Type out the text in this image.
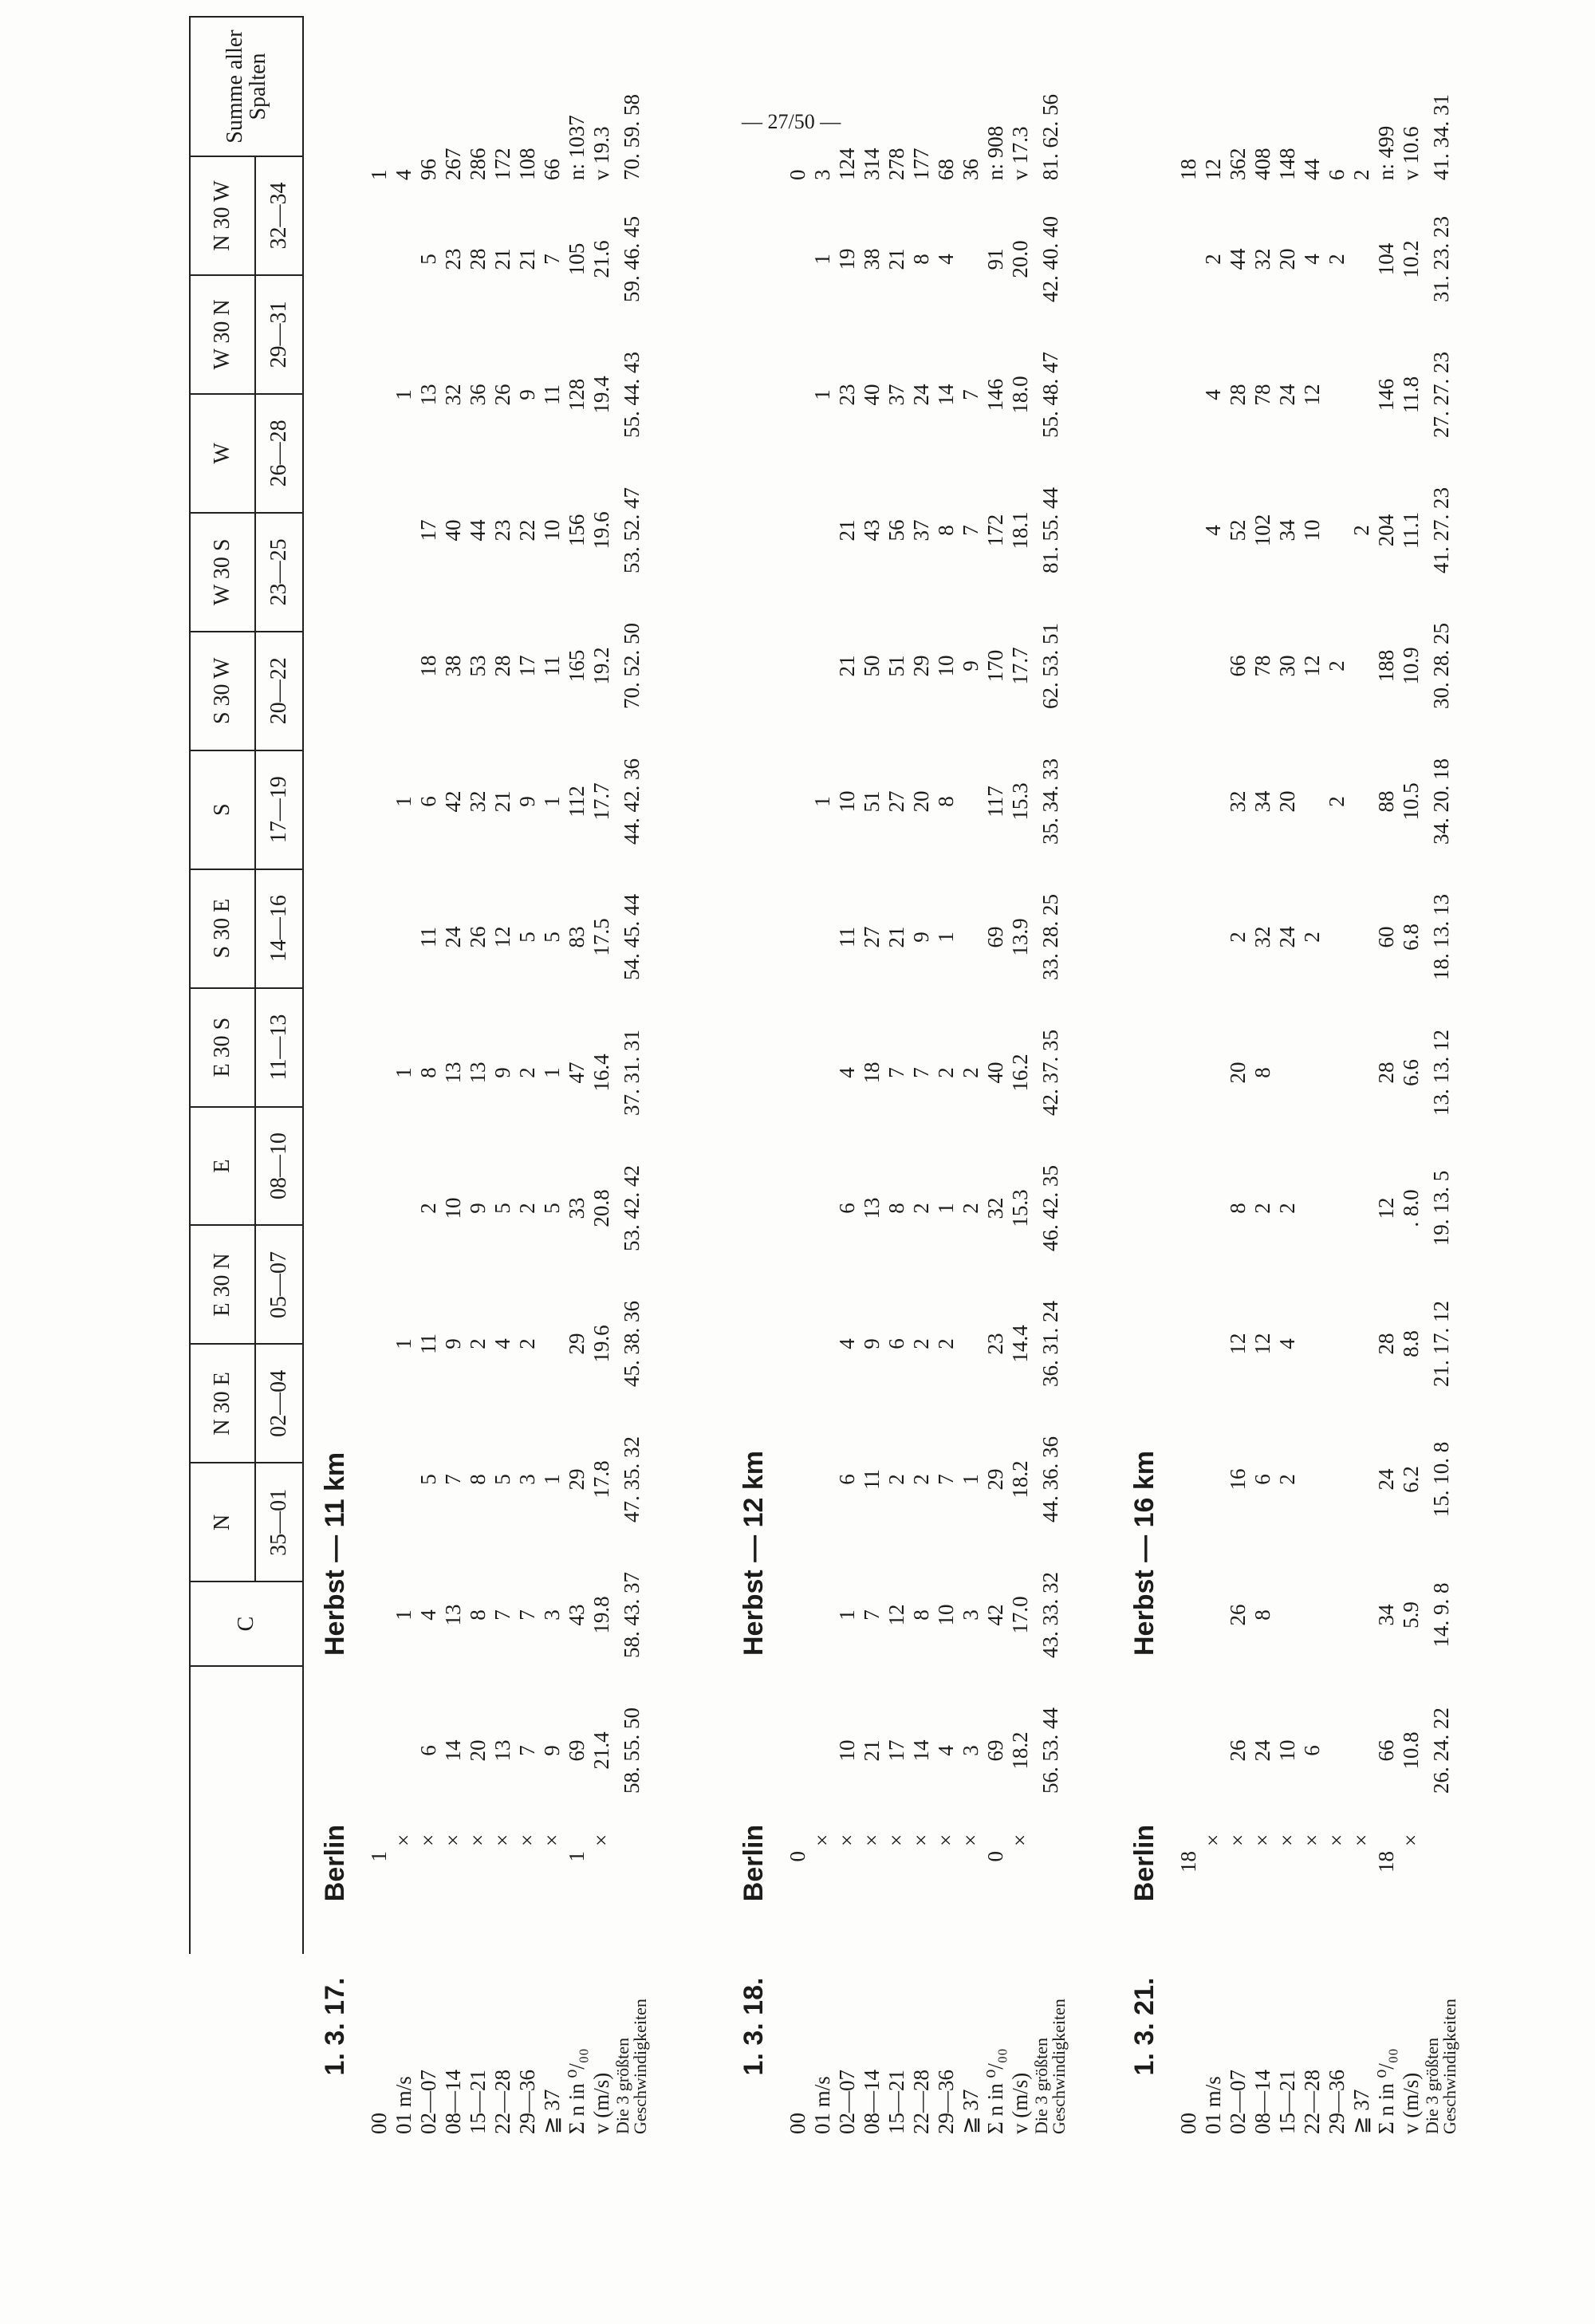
— 27/50 —
	C	N	N 30 E	E 30 N	E	E 30 S	S 30 E	S	S 30 W	W 30 S	W	W 30 N	N 30 W	Summe aller Spalten
		35—01	02—04	05—07	08—10	11—13	14—16	17—19	20—22	23—25	26—28	29—31	32—34	
1. 3. 17.
Berlin
Herbst — 11 km															

00	1														1
01 m/s		×		1		1		1		1			1		4
02—07		×	6	4	5	11	2	8	11	6	18	17	13	5	96
08—14		×	14	13	7	9	10	13	24	42	38	40	32	23	267
15—21		×	20	8	8	2	9	13	26	32	53	44	36	28	286
22—28		×	13	7	5	4	5	9	12	21	28	23	26	21	172
29—36		×	7	7	3	2	2	2	5	9	17	22	9	21	108
≧ 37		×	9	3	1		5	1	5	1	11	10	11	7	66
Σ n in ⁰/₀₀	1		69	43	29	29	33	47	83	112	165	156	128	105	n: 1037
v (m/s)		×	21.4	19.8	17.8	19.6	20.8	16.4	17.5	17.7	19.2	19.6	19.4	21.6	v 19.3
Die 3 größten
Geschwindigkeiten			58. 55. 50	58. 43. 37	47. 35. 32	45. 38. 36	53. 42. 42	37. 31. 31	54. 45. 44	44. 42. 36	70. 52. 50	53. 52. 47	55. 44. 43	59. 46. 45	70. 59. 58
1. 3. 18.
Berlin
Herbst — 12 km															

00	0														0
01 m/s		×								1			1	1	3
02—07		×	10	1	6	4	6	4	11	10	21	21	23	19	124
08—14		×	21	7	11	9	13	18	27	51	50	43	40	38	314
15—21		×	17	12	2	6	8	7	21	27	51	56	37	21	278
22—28		×	14	8	2	2	2	7	9	20	29	37	24	8	177
29—36		×	4	10	7	2	1	2	1	8	10	8	14	4	68
≧ 37		×	3	3	1		2	2			9	7	7		36
Σ n in ⁰/₀₀	0		69	42	29	23	32	40	69	117	170	172	146	91	n: 908
v (m/s)		×	18.2	17.0	18.2	14.4	15.3	16.2	13.9	15.3	17.7	18.1	18.0	20.0	v 17.3
Die 3 größten
Geschwindigkeiten			56. 53. 44	43. 33. 32	44. 36. 36	36. 31. 24	46. 42. 35	42. 37. 35	33. 28. 25	35. 34. 33	62. 53. 51	81. 55. 44	55. 48. 47	42. 40. 40	81. 62. 56
1. 3. 21.
Berlin
Herbst — 16 km															

00	18														18
01 m/s		×										4	4	2	12
02—07		×	26	26	16	12	8	20	2	32	66	52	28	44	362
08—14		×	24	8	6	12	2	8	32	34	78	102	78	32	408
15—21		×	10		2	4	2		24	20	30	34	24	20	148
22—28		×	6						2		12	10	12	4	44
29—36		×								2	2			2	6
≧ 37		×										2			2
Σ n in ⁰/₀₀	18		66	34	24	28	12	28	60	88	188	204	146	104	n: 499
v (m/s)		×	10.8	5.9	6.2	8.8	. 8.0	6.6	6.8	10.5	10.9	11.1	11.8	10.2	v 10.6
Die 3 größten
Geschwindigkeiten			26. 24. 22	14. 9. 8	15. 10. 8	21. 17. 12	19. 13. 5	13. 13. 12	18. 13. 13	34. 20. 18	30. 28. 25	41. 27. 23	27. 27. 23	31. 23. 23	41. 34. 31
